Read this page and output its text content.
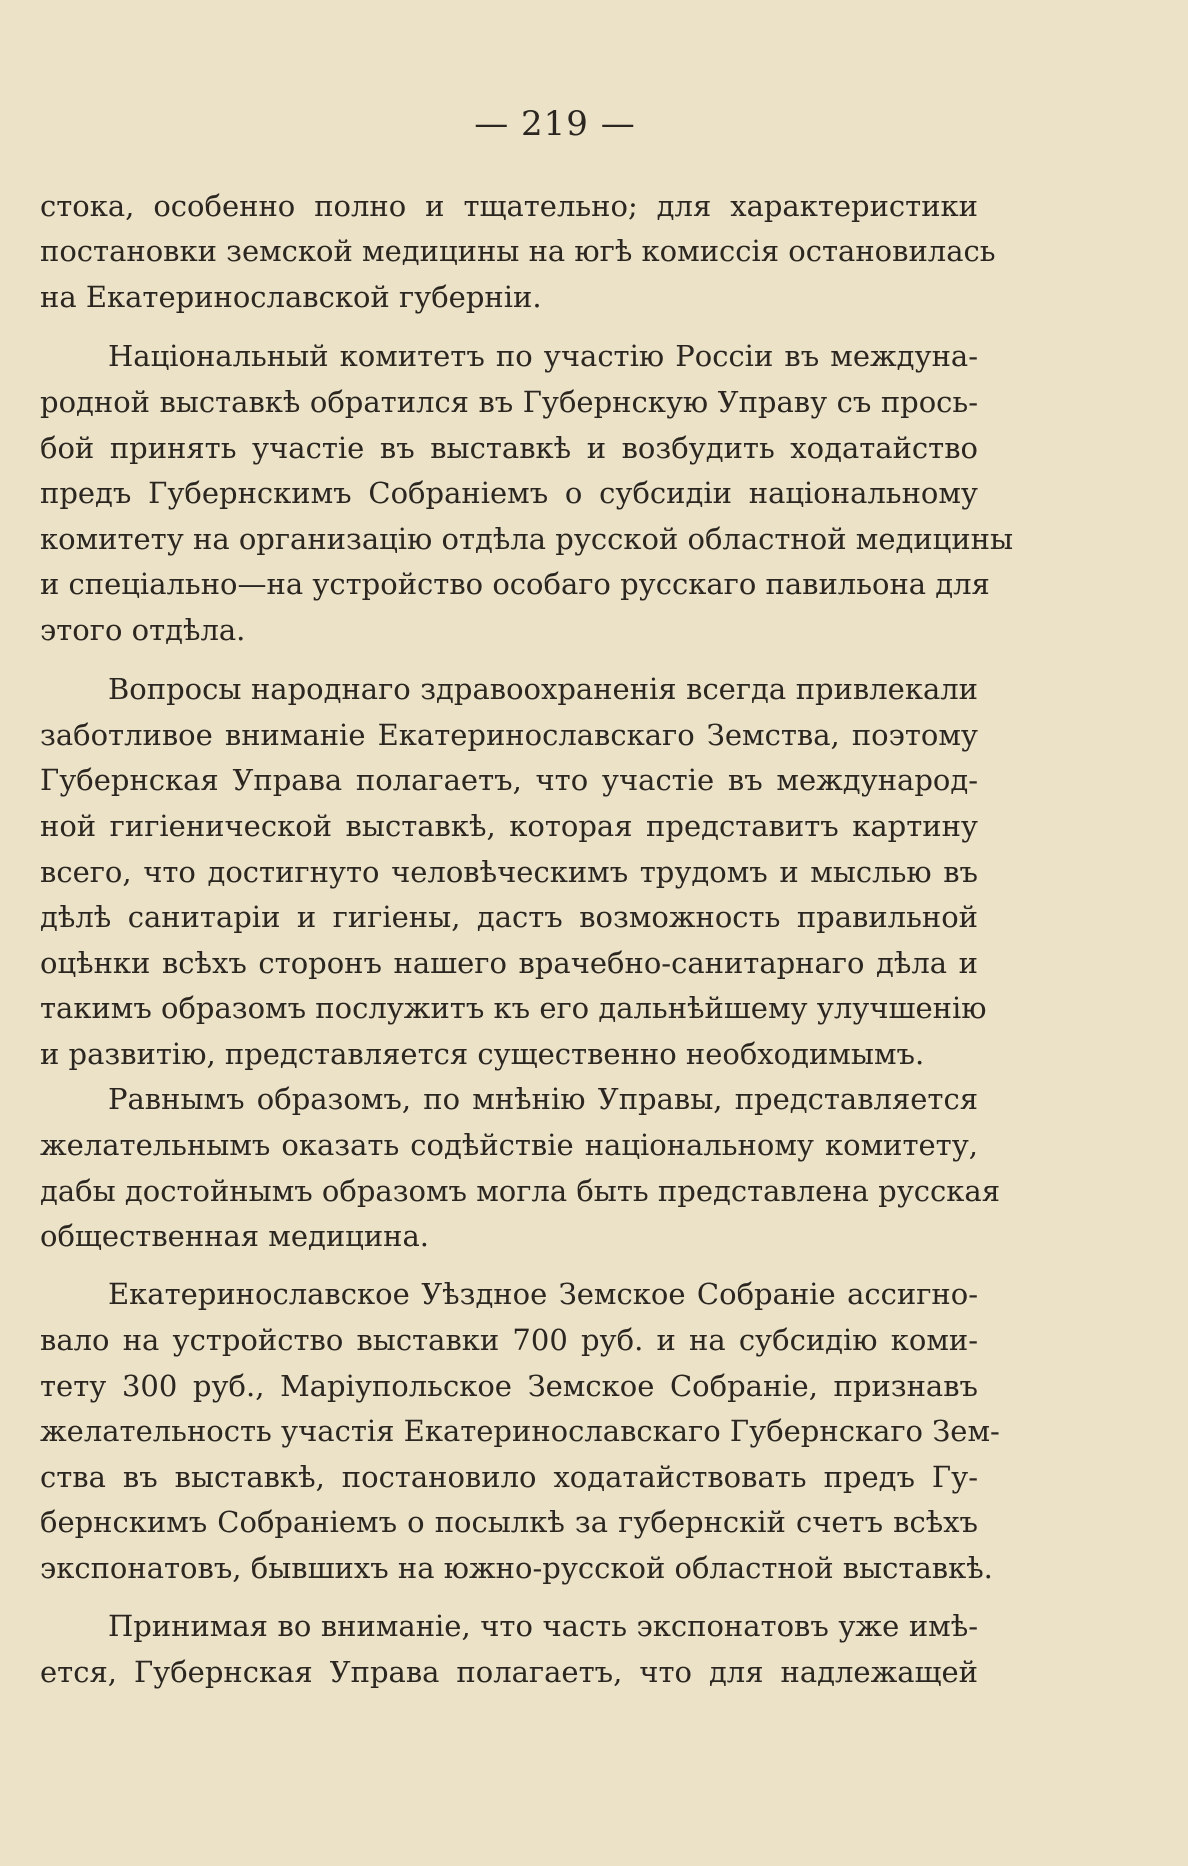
— 219 —
стока, особенно полно и тщательно; для характеристики
постановки земской медицины на югѣ комиссія остановилась
на Екатеринославской губерніи.
Національный комитетъ по участію Россіи въ междуна-
родной выставкѣ обратился въ Губернскую Управу съ прось-
бой принять участіе въ выставкѣ и возбудить ходатайство
предъ Губернскимъ Собраніемъ о субсидіи національному
комитету на организацію отдѣла русской областной медицины
и спеціально—на устройство особаго русскаго павильона для
этого отдѣла.
Вопросы народнаго здравоохраненія всегда привлекали
заботливое вниманіе Екатеринославскаго Земства, поэтому
Губернская Управа полагаетъ, что участіе въ международ-
ной гигіенической выставкѣ, которая представитъ картину
всего, что достигнуто человѣческимъ трудомъ и мыслью въ
дѣлѣ санитаріи и гигіены, дастъ возможность правильной
оцѣнки всѣхъ сторонъ нашего врачебно-санитарнаго дѣла и
такимъ образомъ послужитъ къ его дальнѣйшему улучшенію
и развитію, представляется существенно необходимымъ.
Равнымъ образомъ, по мнѣнію Управы, представляется
желательнымъ оказать содѣйствіе національному комитету,
дабы достойнымъ образомъ могла быть представлена русская
общественная медицина.
Екатеринославское Уѣздное Земское Собраніе ассигно-
вало на устройство выставки 700 руб. и на субсидію коми-
тету 300 руб., Маріупольское Земское Собраніе, признавъ
желательность участія Екатеринославскаго Губернскаго Зем-
ства въ выставкѣ, постановило ходатайствовать предъ Гу-
бернскимъ Собраніемъ о посылкѣ за губернскій счетъ всѣхъ
экспонатовъ, бывшихъ на южно-русской областной выставкѣ.
Принимая во вниманіе, что часть экспонатовъ уже имѣ-
ется, Губернская Управа полагаетъ, что для надлежащей
